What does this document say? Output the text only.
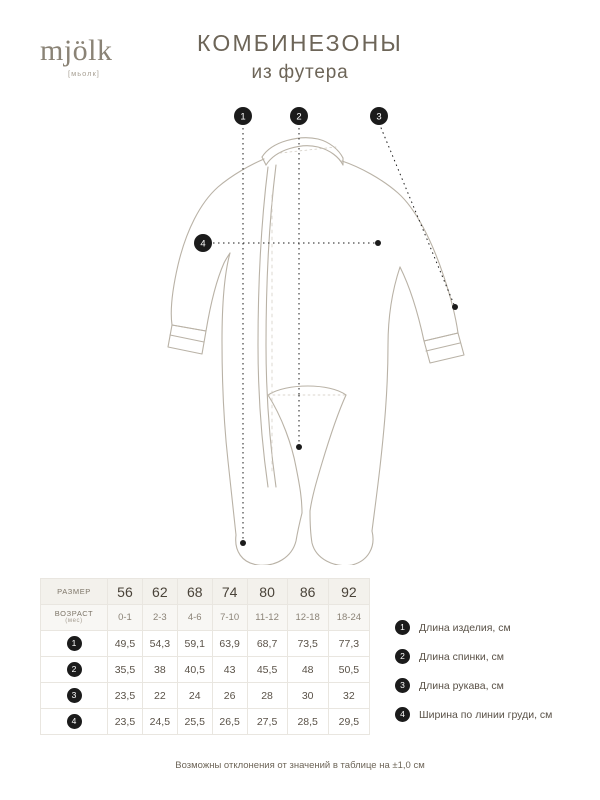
mjölk
[мьолк]
КОМБИНЕЗОНЫ
из футера
1	2	3
4
РАЗМЕР	56	62	68	74	80	86	92
ВОЗРАСТ
(мес)	0-1	2-3	4-6	7-10	11-12	12-18	18-24
1	49,5	54,3	59,1	63,9	68,7	73,5	77,3
2	35,5	38	40,5	43	45,5	48	50,5
3	23,5	22	24	26	28	30	32
4	23,5	24,5	25,5	26,5	27,5	28,5	29,5
1	Длина изделия, см
2	Длина спинки, см
3	Длина рукава, см
4	Ширина по линии груди, см
Возможны отклонения от значений в таблице на ±1,0 см
